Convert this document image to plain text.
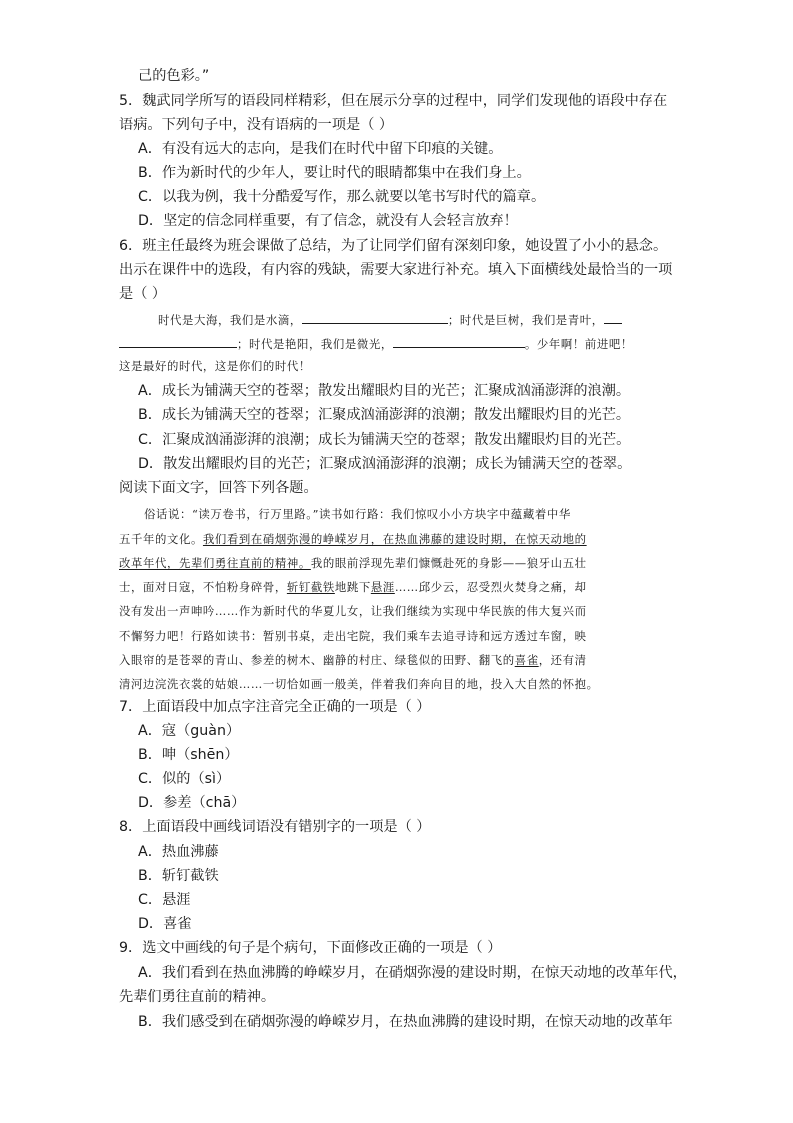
己的色彩。”
5．魏武同学所写的语段同样精彩，但在展示分享的过程中，同学们发现他的语段中存在
语病。下列句子中，没有语病的一项是（ ）
A．有没有远大的志向，是我们在时代中留下印痕的关键。
B．作为新时代的少年人，要让时代的眼睛都集中在我们身上。
C．以我为例，我十分酷爱写作，那么就要以笔书写时代的篇章。
D．坚定的信念同样重要，有了信念，就没有人会轻言放弃！
6．班主任最终为班会课做了总结，为了让同学们留有深刻印象，她设置了小小的悬念。
出示在课件中的选段，有内容的残缺，需要大家进行补充。填入下面横线处最恰当的一项
是（ ）
时代是大海，我们是水滴，	；时代是巨树，我们是青叶，
；时代是艳阳，我们是微光，	。少年啊！前进吧！
这是最好的时代，这是你们的时代！
A．成长为铺满天空的苍翠；散发出耀眼灼目的光芒；汇聚成汹涌澎湃的浪潮。
B．成长为铺满天空的苍翠；汇聚成汹涌澎湃的浪潮；散发出耀眼灼目的光芒。
C．汇聚成汹涌澎湃的浪潮；成长为铺满天空的苍翠；散发出耀眼灼目的光芒。
D．散发出耀眼灼目的光芒；汇聚成汹涌澎湃的浪潮；成长为铺满天空的苍翠。
阅读下面文字，回答下列各题。
俗话说：“读万卷书，行万里路。”读书如行路：我们惊叹小小方块字中蕴藏着中华
五千年的文化。我们看到在硝烟弥漫的峥嵘岁月，在热血沸藤的建设时期，在惊天动地的
改革年代，先辈们勇往直前的精神。我的眼前浮现先辈们慷慨赴死的身影——狼牙山五壮
士，面对日寇，不怕粉身碎骨，斩钉截铁地跳下悬涯……邱少云，忍受烈火焚身之痛，却
没有发出一声呻吟……作为新时代的华夏儿女，让我们继续为实现中华民族的伟大复兴而
不懈努力吧！行路如读书：暂别书桌，走出宅院，我们乘车去追寻诗和远方透过车窗，映
入眼帘的是苍翠的青山、参差的树木、幽静的村庄、绿毯似的田野、翻飞的喜雀，还有清
清河边浣洗衣裳的姑娘……一切恰如画一般美，伴着我们奔向目的地，投入大自然的怀抱。
7．上面语段中加点字注音完全正确的一项是（ ）
A．寇（guàn）
B．呻（shēn）
C．似的（sì）
D．参差（chā）
8．上面语段中画线词语没有错别字的一项是（ ）
A．热血沸藤
B．斩钉截铁
C．悬涯
D．喜雀
9．选文中画线的句子是个病句，下面修改正确的一项是（ ）
A．我们看到在热血沸腾的峥嵘岁月，在硝烟弥漫的建设时期，在惊天动地的改革年代，
先辈们勇往直前的精神。
B．我们感受到在硝烟弥漫的峥嵘岁月，在热血沸腾的建设时期，在惊天动地的改革年
